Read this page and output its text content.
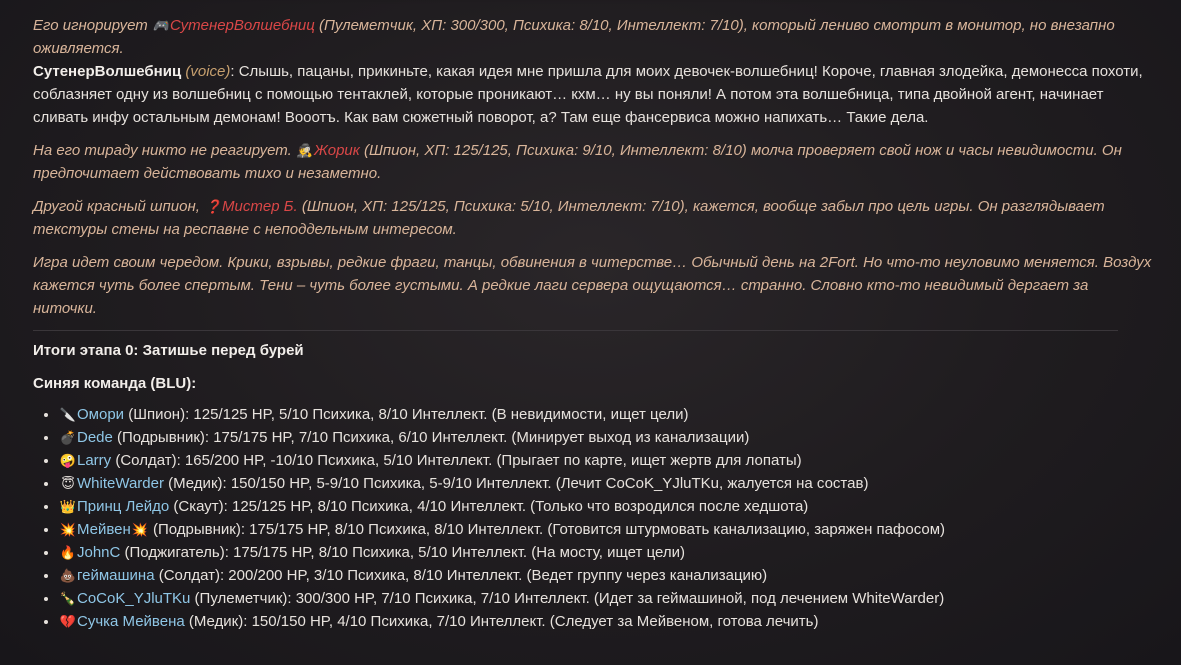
Его игнорирует 🎮СутенерВолшебниц (Пулеметчик, ХП: 300/300, Психика: 8/10, Интеллект: 7/10), который лениво смотрит в монитор, но внезапно оживляется.

СутенерВолшебниц (voice): Слышь, пацаны, прикиньте, какая идея мне пришла для моих девочек-волшебниц! Короче, главная злодейка, демонесса похоти, соблазняет одну из волшебниц с помощью тентаклей, которые проникают… кхм… ну вы поняли! А потом эта волшебница, типа двойной агент, начинает сливать инфу остальным демонам! Вооотъ. Как вам сюжетный поворот, а? Там еще фансервиса можно напихать… Такие дела.

На его тираду никто не реагирует. 🕵Жорик (Шпион, ХП: 125/125, Психика: 9/10, Интеллект: 8/10) молча проверяет свой нож и часы невидимости. Он предпочитает действовать тихо и незаметно.

Другой красный шпион, ❓Мистер Б. (Шпион, ХП: 125/125, Психика: 5/10, Интеллект: 7/10), кажется, вообще забыл про цель игры. Он разглядывает текстуры стены на респавне с неподдельным интересом.

Игра идет своим чередом. Крики, взрывы, редкие фраги, танцы, обвинения в читерстве… Обычный день на 2Fort. Но что-то неуловимо меняется. Воздух кажется чуть более спертым. Тени – чуть более густыми. А редкие лаги сервера ощущаются… странно. Словно кто-то невидимый дергает за ниточки.

Итоги этапа 0: Затишье перед бурей
Синяя команда (BLU):
• 🔪Омори (Шпион): 125/125 HP, 5/10 Психика, 8/10 Интеллект. (В невидимости, ищет цели)
• 💣Dede (Подрывник): 175/175 HP, 7/10 Психика, 6/10 Интеллект. (Минирует выход из канализации)
• 🤪Larry (Солдат): 165/200 HP, -10/10 Психика, 5/10 Интеллект. (Прыгает по карте, ищет жертв для лопаты)
• 😇 WhiteWarder (Медик): 150/150 HP, 5-9/10 Психика, 5-9/10 Интеллект. (Лечит CoCoK_YJluTKu, жалуется на состав)
• 👑Принц Лейдо (Скаут): 125/125 HP, 8/10 Психика, 4/10 Интеллект. (Только что возродился после хедшота)
• 💥Мейвен💥 (Подрывник): 175/175 HP, 8/10 Психика, 8/10 Интеллект. (Готовится штурмовать канализацию, заряжен пафосом)
• 🔥JohnC (Поджигатель): 175/175 HP, 8/10 Психика, 5/10 Интеллект. (На мосту, ищет цели)
• 💩геймашина (Солдат): 200/200 HP, 3/10 Психика, 8/10 Интеллект. (Ведет группу через канализацию)
• 🍾CoCoK_YJluTKu (Пулеметчик): 300/300 HP, 7/10 Психика, 7/10 Интеллект. (Идет за геймашиной, под лечением WhiteWarder)
• 💔Сучка Мейвена (Медик): 150/150 HP, 4/10 Психика, 7/10 Интеллект. (Следует за Мейвеном, готова лечить)
